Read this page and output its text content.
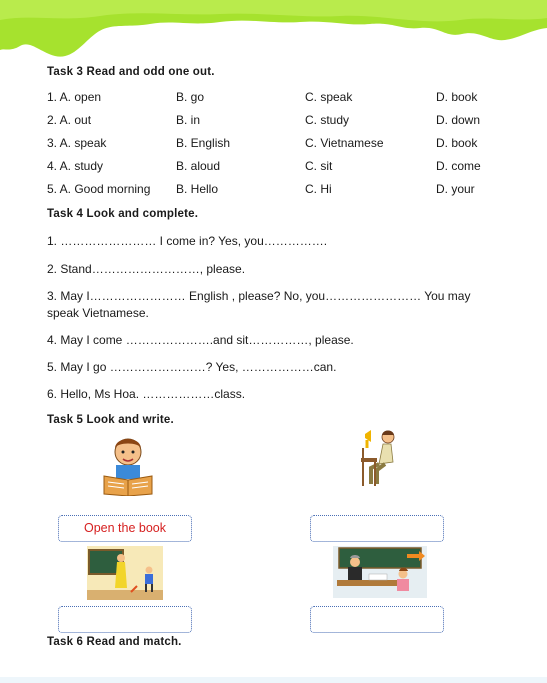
Task 3 Read and odd one out.
1. A. open	B. go	C. speak	D. book
2. A. out	B. in	C. study	D. down
3. A. speak	B. English	C. Vietnamese	D. book
4. A. study	B. aloud	C. sit	D. come
5. A. Good morning B. Hello	C. Hi	D. your
Task 4 Look and complete.
1. …………………… I come in? Yes, you…………….
2. Stand………………………, please.
3. May I…………………… English , please? No, you…………………… You may speak Vietnamese.
4. May I come ………………….and sit……………, please.
5. May I go ……………………? Yes, ………………can.
6. Hello, Ms Hoa. ………………class.
Task 5 Look and write.
Open the book
Task 6 Read and match.
